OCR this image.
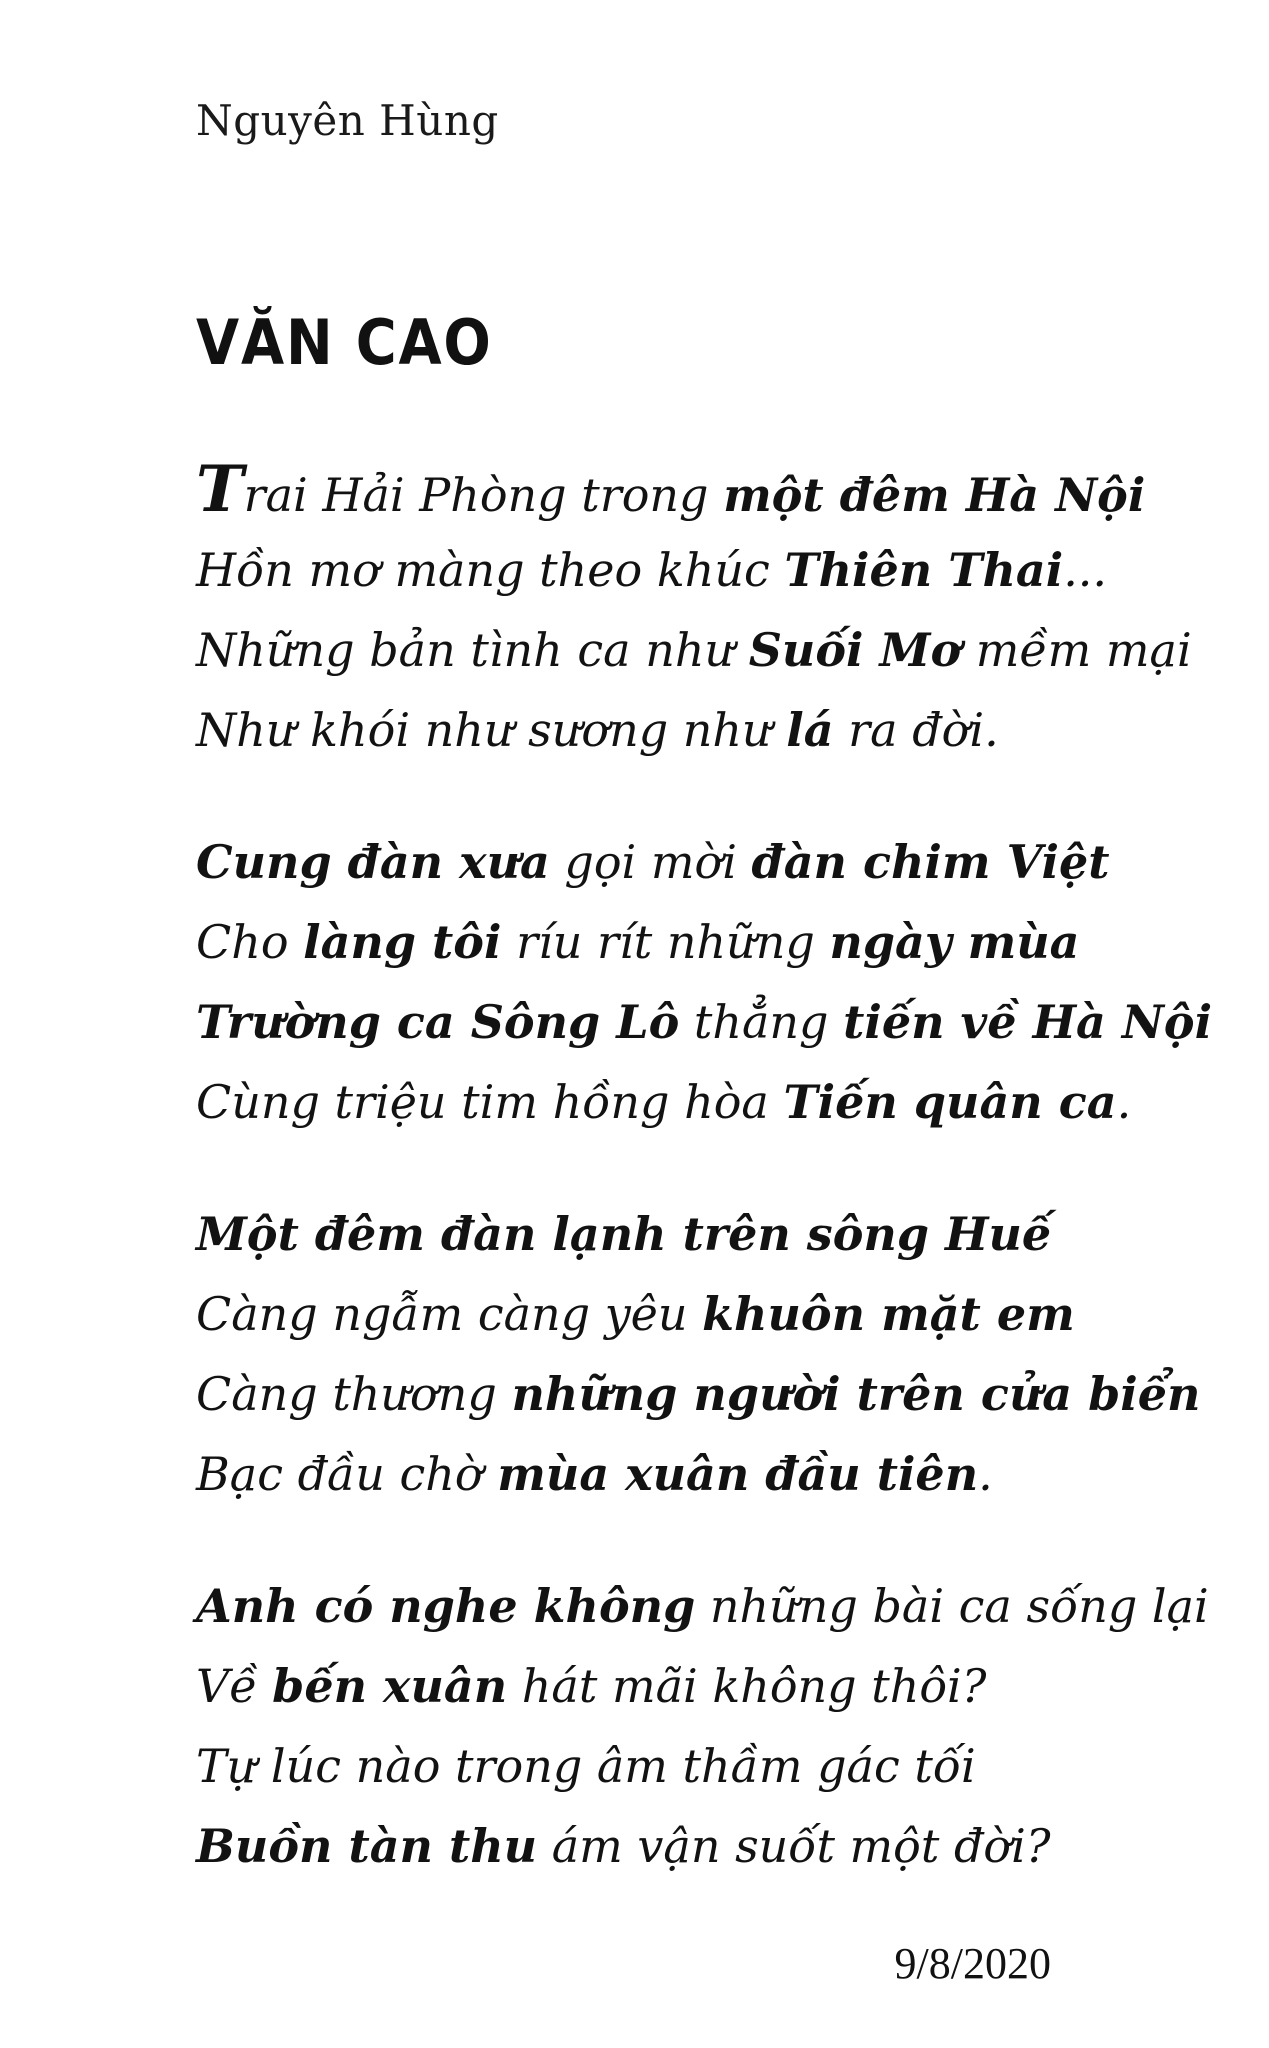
Nguyên Hùng
VĂN CAO
Trai Hải Phòng trong một đêm Hà Nội
Hồn mơ màng theo khúc Thiên Thai...
Những bản tình ca như Suối Mơ mềm mại
Như khói như sương như lá ra đời.
Cung đàn xưa gọi mời đàn chim Việt
Cho làng tôi ríu rít những ngày mùa
Trường ca Sông Lô thẳng tiến về Hà Nội
Cùng triệu tim hồng hòa Tiến quân ca.
Một đêm đàn lạnh trên sông Huế
Càng ngẫm càng yêu khuôn mặt em
Càng thương những người trên cửa biển
Bạc đầu chờ mùa xuân đầu tiên.
Anh có nghe không những bài ca sống lại
Về bến xuân hát mãi không thôi?
Tự lúc nào trong âm thầm gác tối
Buồn tàn thu ám vận suốt một đời?
9/8/2020
